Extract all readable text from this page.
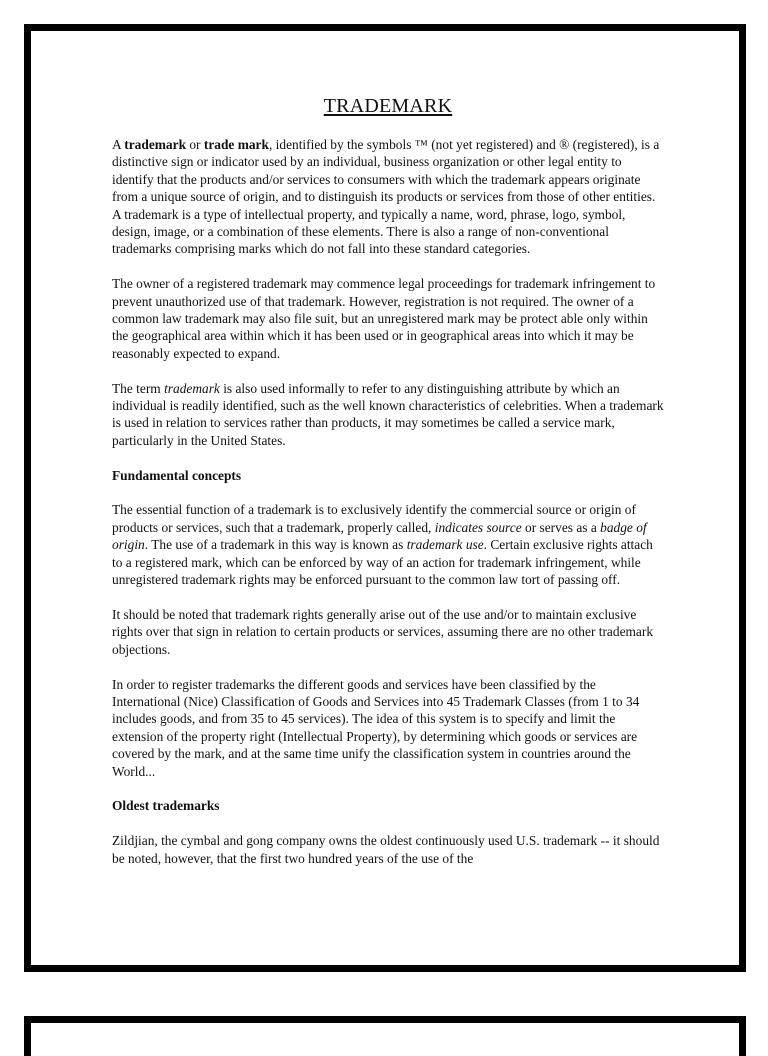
TRADEMARK

A trademark or trade mark, identified by the symbols ™ (not yet registered) and ® (registered), is a distinctive sign or indicator used by an individual, business organization or other legal entity to identify that the products and/or services to consumers with which the trademark appears originate from a unique source of origin, and to distinguish its products or services from those of other entities. A trademark is a type of intellectual property, and typically a name, word, phrase, logo, symbol, design, image, or a combination of these elements. There is also a range of non-conventional trademarks comprising marks which do not fall into these standard categories.

The owner of a registered trademark may commence legal proceedings for trademark infringement to prevent unauthorized use of that trademark. However, registration is not required. The owner of a common law trademark may also file suit, but an unregistered mark may be protect able only within the geographical area within which it has been used or in geographical areas into which it may be reasonably expected to expand.

The term trademark is also used informally to refer to any distinguishing attribute by which an individual is readily identified, such as the well known characteristics of celebrities. When a trademark is used in relation to services rather than products, it may sometimes be called a service mark, particularly in the United States.

Fundamental concepts

The essential function of a trademark is to exclusively identify the commercial source or origin of products or services, such that a trademark, properly called, indicates source or serves as a badge of origin. The use of a trademark in this way is known as trademark use. Certain exclusive rights attach to a registered mark, which can be enforced by way of an action for trademark infringement, while unregistered trademark rights may be enforced pursuant to the common law tort of passing off.

It should be noted that trademark rights generally arise out of the use and/or to maintain exclusive rights over that sign in relation to certain products or services, assuming there are no other trademark objections.

In order to register trademarks the different goods and services have been classified by the International (Nice) Classification of Goods and Services into 45 Trademark Classes (from 1 to 34 includes goods, and from 35 to 45 services). The idea of this system is to specify and limit the extension of the property right (Intellectual Property), by determining which goods or services are covered by the mark, and at the same time unify the classification system in countries around the World...

Oldest trademarks

Zildjian, the cymbal and gong company owns the oldest continuously used U.S. trademark -- it should be noted, however, that the first two hundred years of the use of the
